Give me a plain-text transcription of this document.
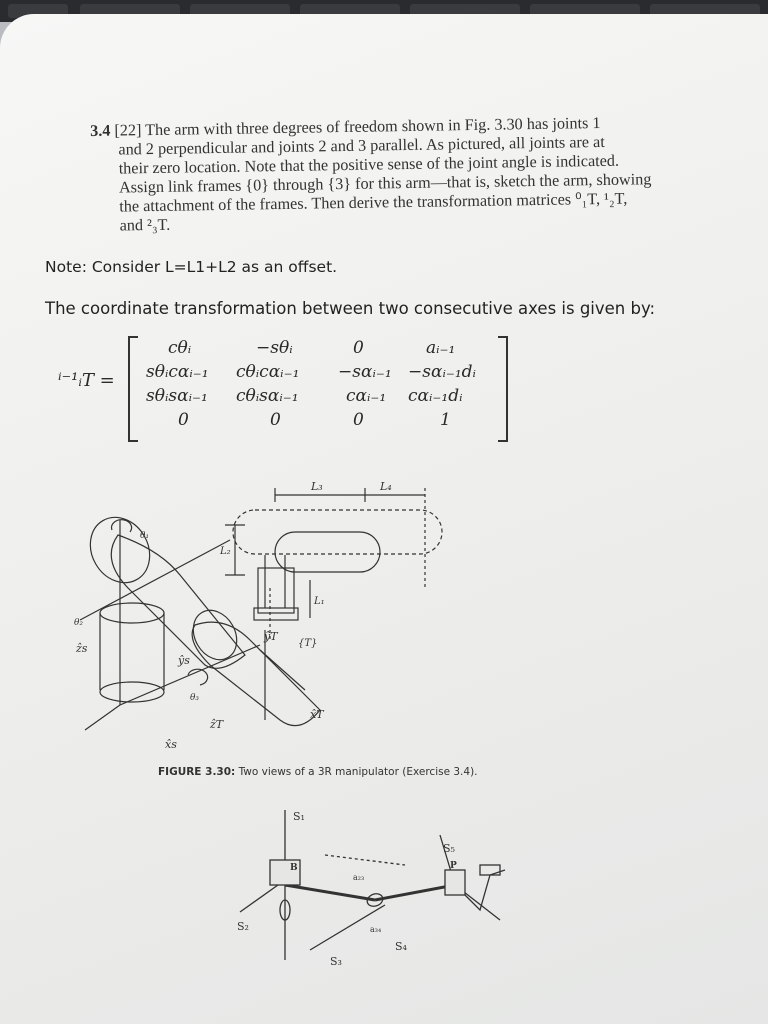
3.4 [22] The arm with three degrees of freedom shown in Fig. 3.30 has joints 1
and 2 perpendicular and joints 2 and 3 parallel. As pictured, all joints are at
their zero location. Note that the positive sense of the joint angle is indicated.
Assign link frames {0} through {3} for this arm—that is, sketch the arm, showing
the attachment of the frames. Then derive the transformation matrices ⁰₁T, ¹₂T,
and ²₃T.
Note: Consider L=L1+L2 as an offset.
The coordinate transformation between two consecutive axes is given by:
ⁱ⁻¹ᵢT =
cθᵢ	−sθᵢ	0	aᵢ₋₁
sθᵢcαᵢ₋₁ cθᵢcαᵢ₋₁ −sαᵢ₋₁ −sαᵢ₋₁dᵢ
sθᵢsαᵢ₋₁ cθᵢsαᵢ₋₁	cαᵢ₋₁ cαᵢ₋₁dᵢ
0	0	0	1
L₃	L₄
L₂
L₁
θ₁
θ₂
θ₃
ẑs
ŷs
x̂s
ŷT
{T}
ẑT
x̂T
FIGURE 3.30: Two views of a 3R manipulator (Exercise 3.4).
S₁
S₂
S₃
S₄
S₅
B	P
a₂₃
a₃₄
